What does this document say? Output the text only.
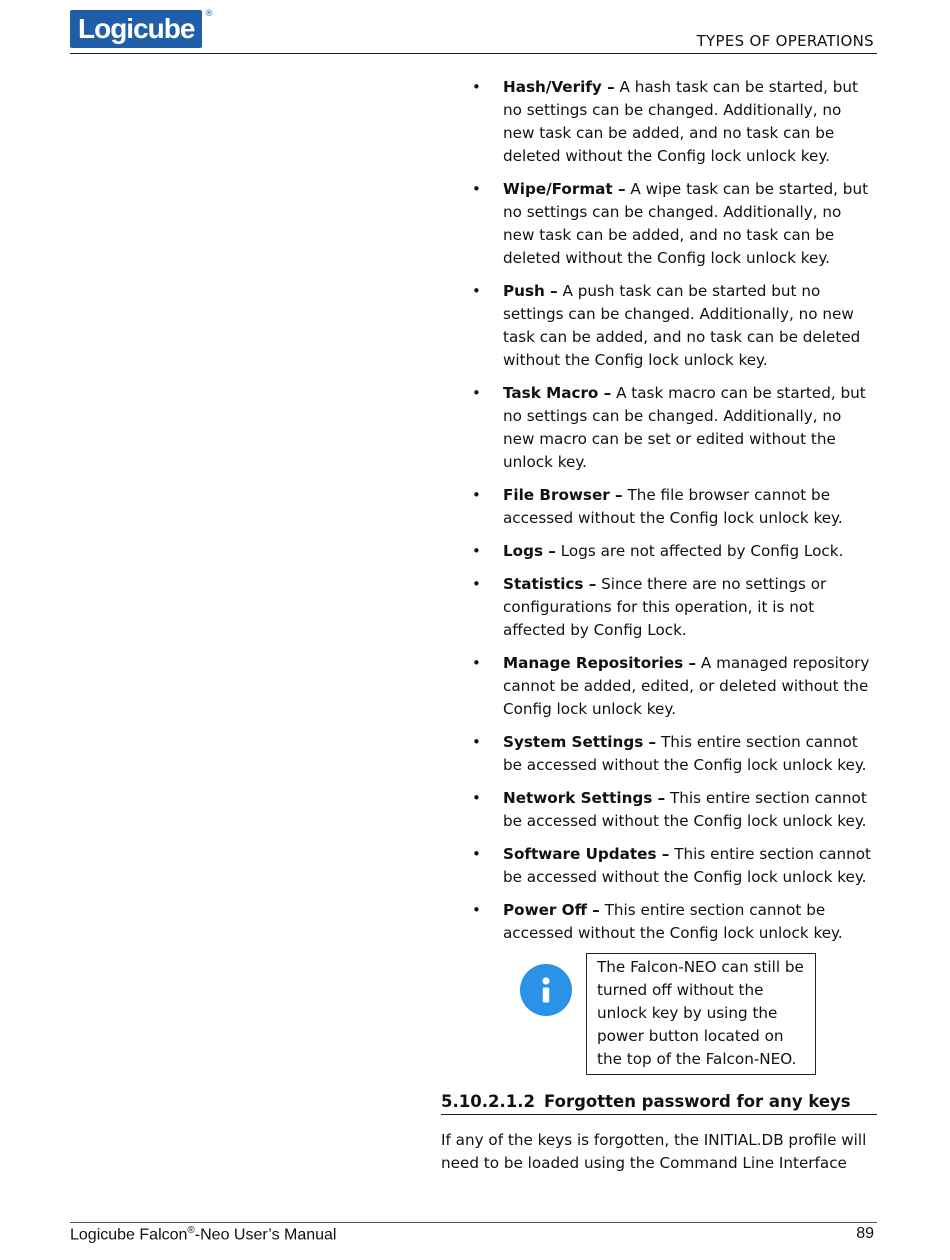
Logicube	®
TYPES OF OPERATIONS
• Hash/Verify – A hash task can be started, but no settings can be changed. Additionally, no new task can be added, and no task can be deleted without the Config lock unlock key.
• Wipe/Format – A wipe task can be started, but no settings can be changed. Additionally, no new task can be added, and no task can be deleted without the Config lock unlock key.
• Push – A push task can be started but no settings can be changed. Additionally, no new task can be added, and no task can be deleted without the Config lock unlock key.
• Task Macro – A task macro can be started, but no settings can be changed. Additionally, no new macro can be set or edited without the unlock key.
• File Browser – The file browser cannot be accessed without the Config lock unlock key.
• Logs – Logs are not affected by Config Lock.
• Statistics – Since there are no settings or configurations for this operation, it is not affected by Config Lock.
• Manage Repositories – A managed repository cannot be added, edited, or deleted without the Config lock unlock key.
• System Settings – This entire section cannot be accessed without the Config lock unlock key.
• Network Settings – This entire section cannot be accessed without the Config lock unlock key.
• Software Updates – This entire section cannot be accessed without the Config lock unlock key.
• Power Off – This entire section cannot be accessed without the Config lock unlock key.
The Falcon-NEO can still be turned off without the unlock key by using the power button located on the top of the Falcon-NEO.
5.10.2.1.2 Forgotten password for any keys

If any of the keys is forgotten, the INITIAL.DB profile will need to be loaded using the Command Line Interface

Logicube Falcon®-Neo User’s Manual	89
